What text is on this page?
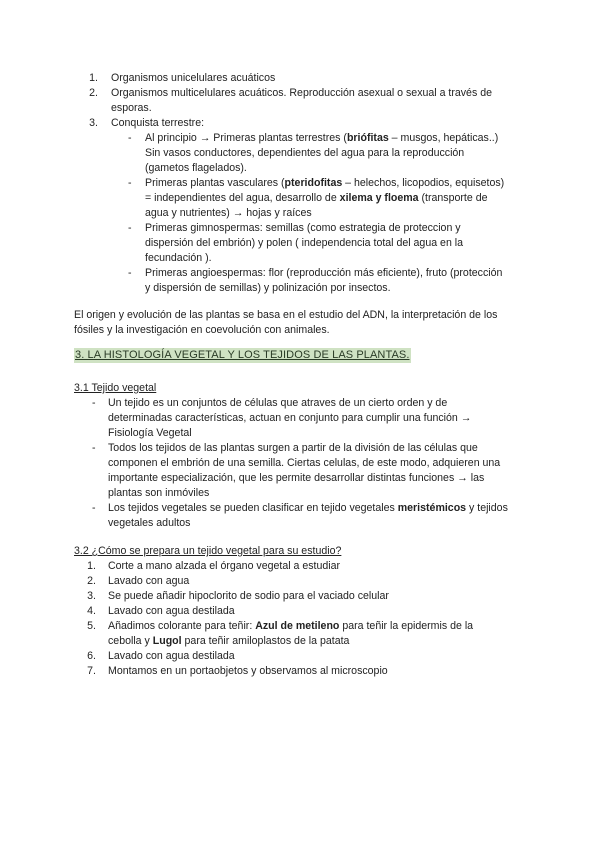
1. Organismos unicelulares acuáticos
2. Organismos multicelulares acuáticos. Reproducción asexual o sexual a través de
esporas.
3. Conquista terrestre:
- Al principio → Primeras plantas terrestres (briófitas – musgos, hepáticas..)
Sin vasos conductores, dependientes del agua para la reproducción
(gametos flagelados).
- Primeras plantas vasculares (pteridofitas – helechos, licopodios, equisetos)
= independientes del agua, desarrollo de xilema y floema (transporte de
agua y nutrientes) → hojas y raíces
- Primeras gimnospermas: semillas (como estrategia de proteccion y
dispersión del embrión) y polen ( independencia total del agua en la
fecundación ).
- Primeras angioespermas: flor (reproducción más eficiente), fruto (protección
y dispersión de semillas) y polinización por insectos.
El origen y evolución de las plantas se basa en el estudio del ADN, la interpretación de los
fósiles y la investigación en coevolución con animales.
3. LA HISTOLOGÍA VEGETAL Y LOS TEJIDOS DE LAS PLANTAS.
3.1 Tejido vegetal
- Un tejido es un conjuntos de células que atraves de un cierto orden y de
determinadas características, actuan en conjunto para cumplir una función →
Fisiología Vegetal
- Todos los tejidos de las plantas surgen a partir de la división de las células que
componen el embrión de una semilla. Ciertas celulas, de este modo, adquieren una
importante especialización, que les permite desarrollar distintas funciones → las
plantas son inmóviles
- Los tejidos vegetales se pueden clasificar en tejido vegetales meristémicos y tejidos
vegetales adultos
3.2 ¿Cómo se prepara un tejido vegetal para su estudio?
1. Corte a mano alzada el órgano vegetal a estudiar
2. Lavado con agua
3. Se puede añadir hipoclorito de sodio para el vaciado celular
4. Lavado con agua destilada
5. Añadimos colorante para teñir: Azul de metileno para teñir la epidermis de la
cebolla y Lugol para teñir amiloplastos de la patata
6. Lavado con agua destilada
7. Montamos en un portaobjetos y observamos al microscopio
